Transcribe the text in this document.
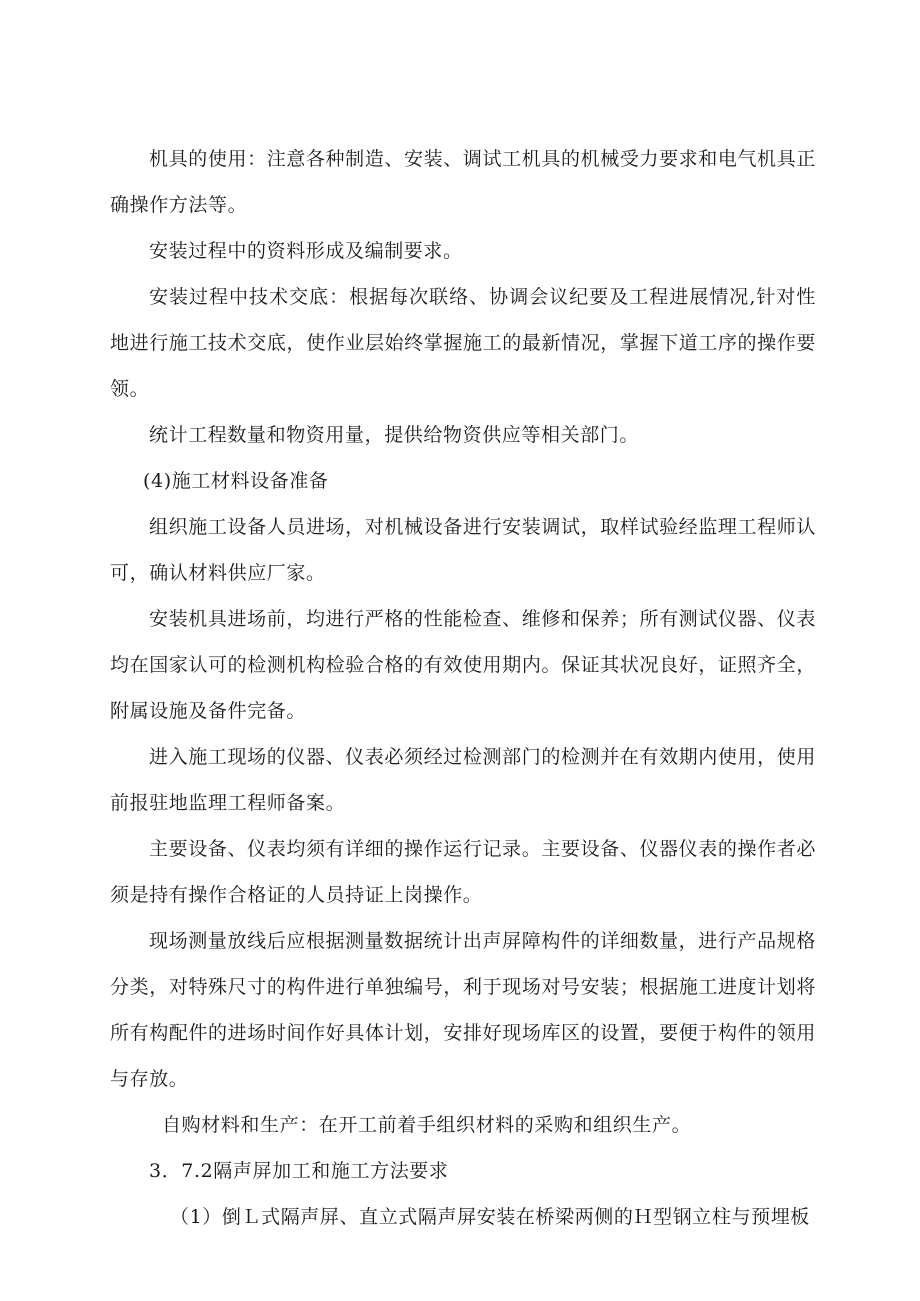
机具的使用：注意各种制造、安装、调试工机具的机械受力要求和电气机具正确操作方法等。

安装过程中的资料形成及编制要求。

安装过程中技术交底：根据每次联络、协调会议纪要及工程进展情况,针对性地进行施工技术交底，使作业层始终掌握施工的最新情况，掌握下道工序的操作要领。

统计工程数量和物资用量，提供给物资供应等相关部门。

(4)施工材料设备准备

组织施工设备人员进场，对机械设备进行安装调试，取样试验经监理工程师认可，确认材料供应厂家。

安装机具进场前，均进行严格的性能检查、维修和保养；所有测试仪器、仪表均在国家认可的检测机构检验合格的有效使用期内。保证其状况良好，证照齐全，附属设施及备件完备。

进入施工现场的仪器、仪表必须经过检测部门的检测并在有效期内使用，使用前报驻地监理工程师备案。

主要设备、仪表均须有详细的操作运行记录。主要设备、仪器仪表的操作者必须是持有操作合格证的人员持证上岗操作。

现场测量放线后应根据测量数据统计出声屏障构件的详细数量，进行产品规格分类，对特殊尺寸的构件进行单独编号，利于现场对号安装；根据施工进度计划将所有构配件的进场时间作好具体计划，安排好现场库区的设置，要便于构件的领用与存放。

自购材料和生产：在开工前着手组织材料的采购和组织生产。

3．7.2隔声屏加工和施工方法要求

（1）倒Ｌ式隔声屏、直立式隔声屏安装在桥梁两侧的Ｈ型钢立柱与预埋板
